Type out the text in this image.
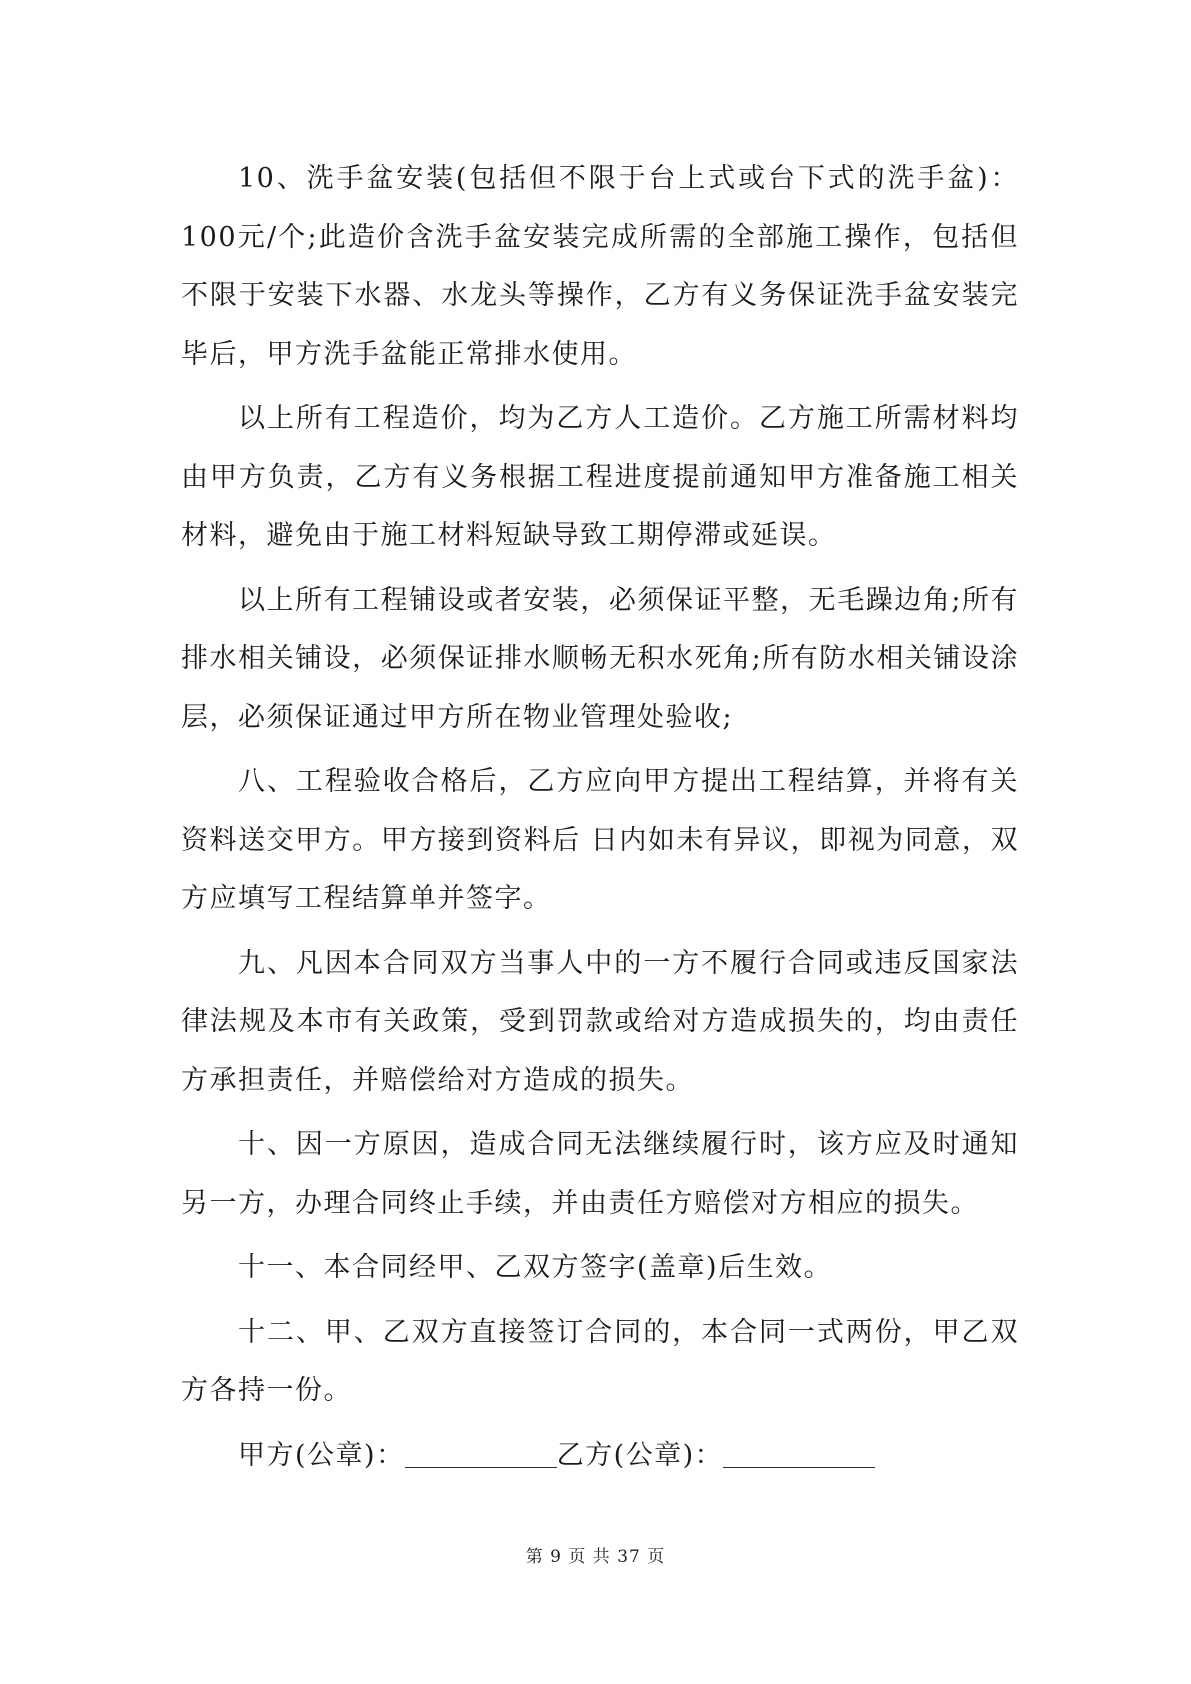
10、洗手盆安装(包括但不限于台上式或台下式的洗手盆)：100元/个;此造价含洗手盆安装完成所需的全部施工操作，包括但不限于安装下水器、水龙头等操作，乙方有义务保证洗手盆安装完毕后，甲方洗手盆能正常排水使用。

以上所有工程造价，均为乙方人工造价。乙方施工所需材料均由甲方负责，乙方有义务根据工程进度提前通知甲方准备施工相关材料，避免由于施工材料短缺导致工期停滞或延误。

以上所有工程铺设或者安装，必须保证平整，无毛躁边角;所有排水相关铺设，必须保证排水顺畅无积水死角;所有防水相关铺设涂层，必须保证通过甲方所在物业管理处验收;

八、工程验收合格后，乙方应向甲方提出工程结算，并将有关资料送交甲方。甲方接到资料后 日内如未有异议，即视为同意，双方应填写工程结算单并签字。

九、凡因本合同双方当事人中的一方不履行合同或违反国家法律法规及本市有关政策，受到罚款或给对方造成损失的，均由责任方承担责任，并赔偿给对方造成的损失。

十、因一方原因，造成合同无法继续履行时，该方应及时通知另一方，办理合同终止手续，并由责任方赔偿对方相应的损失。

十一、本合同经甲、乙双方签字(盖章)后生效。

十二、甲、乙双方直接签订合同的，本合同一式两份，甲乙双方各持一份。

甲方(公章)：	乙方(公章)：

第 9 页 共 37 页
